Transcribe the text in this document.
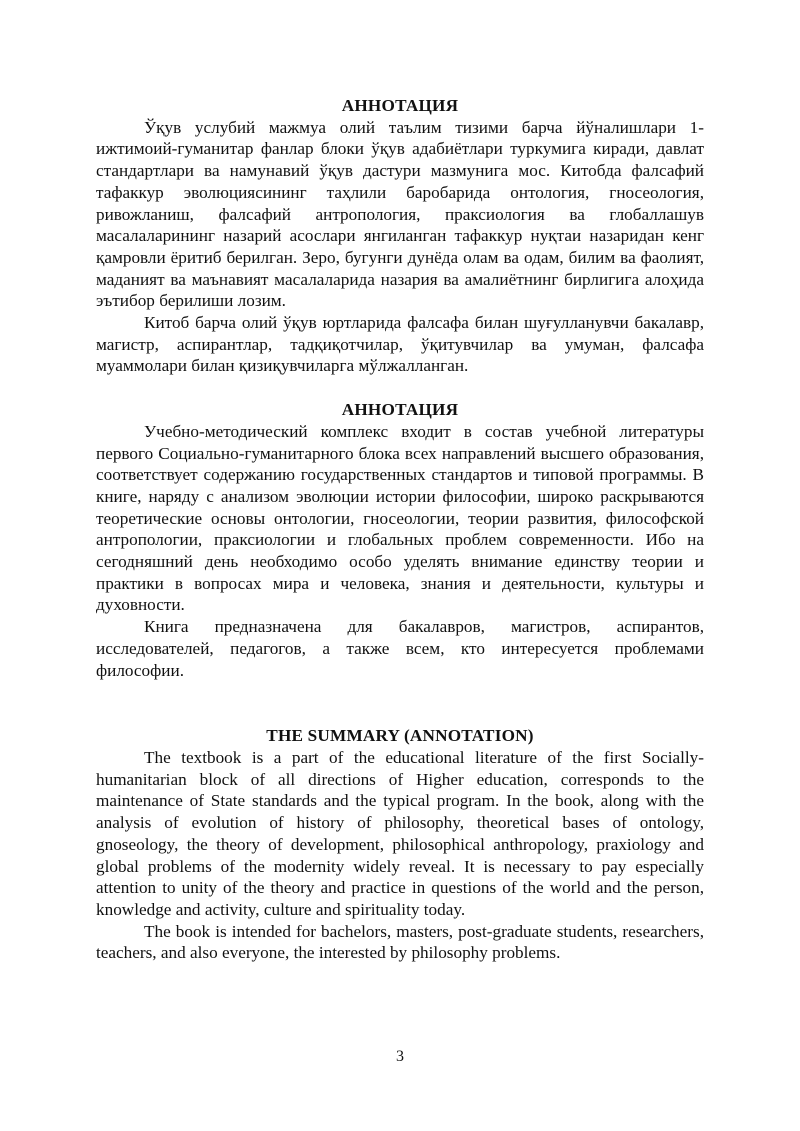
АННОТАЦИЯ

Ўқув услубий мажмуа олий таълим тизими барча йўналишлари 1-ижтимоий-гуманитар фанлар блоки ўқув адабиётлари туркумига киради, давлат стандартлари ва намунавий ўқув дастури мазмунига мос. Китобда фалсафий тафаккур эволюциясининг таҳлили баробарида онтология, гносеология, ривожланиш, фалсафий антропология, праксиология ва глобаллашув масалаларининг назарий асослари янгиланган тафаккур нуқтаи назаридан кенг қамровли ёритиб берилган. Зеро, бугунги дунёда олам ва одам, билим ва фаолият, маданият ва маънавият масалаларида назария ва амалиётнинг бирлигига алоҳида эътибор берилиши лозим.

Китоб барча олий ўқув юртларида фалсафа билан шуғулланувчи бакалавр, магистр, аспирантлар, тадқиқотчилар, ўқитувчилар ва умуман, фалсафа муаммолари билан қизиқувчиларга мўлжалланган.

АННОТАЦИЯ

Учебно-методический комплекс входит в состав учебной литературы первого Социально-гуманитарного блока всех направлений высшего образования, соответствует содержанию государственных стандартов и типовой программы. В книге, наряду с анализом эволюции истории философии, широко раскрываются теоретические основы онтологии, гносеологии, теории развития, философской антропологии, праксиологии и глобальных проблем современности. Ибо на сегодняшний день необходимо особо уделять внимание единству теории и практики в вопросах мира и человека, знания и деятельности, культуры и духовности.

Книга предназначена для бакалавров, магистров, аспирантов, исследователей, педагогов, а также всем, кто интересуется проблемами философии.

THE SUMMARY (ANNOTATION)

The textbook is a part of the educational literature of the first Socially-humanitarian block of all directions of Higher education, corresponds to the maintenance of State standards and the typical program. In the book, along with the analysis of evolution of history of philosophy, theoretical bases of ontology, gnoseology, the theory of development, philosophical anthropology, praxiology and global problems of the modernity widely reveal. It is necessary to pay especially attention to unity of the theory and practice in questions of the world and the person, knowledge and activity, culture and spirituality today.

The book is intended for bachelors, masters, post-graduate students, researchers, teachers, and also everyone, the interested by philosophy problems.

3
